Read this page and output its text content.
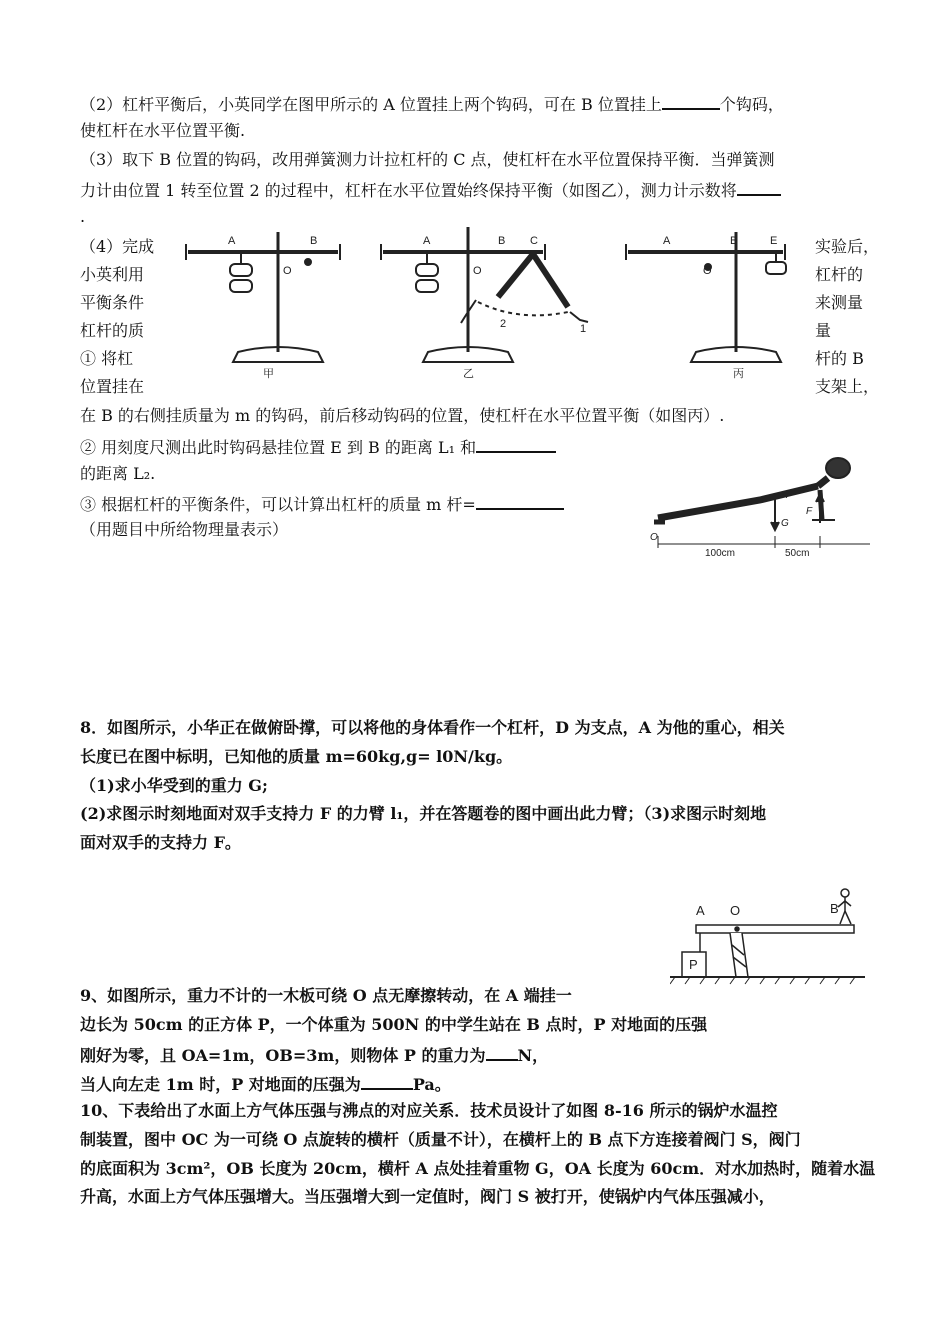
（2）杠杆平衡后，小英同学在图甲所示的 A 位置挂上两个钩码，可在 B 位置挂上	个钩码，
使杠杆在水平位置平衡.
（3）取下 B 位置的钩码，改用弹簧测力计拉杠杆的 C 点，使杠杆在水平位置保持平衡．当弹簧测
力计由位置 1 转至位置 2 的过程中，杠杆在水平位置始终保持平衡（如图乙），测力计示数将
.
（4）完成
小英利用
平衡条件
杠杆的质
① 将杠
位置挂在
实验后，
杠杆的
来测量
量
杆的 B
支架上，
A	B
O
甲
A	B C
O
2	1
乙
A	B	E
O
丙
在 B 的右侧挂质量为 m 的钩码，前后移动钩码的位置，使杠杆在水平位置平衡（如图丙）.
② 用刻度尺测出此时钩码悬挂位置 E 到 B 的距离 L₁ 和
的距离 L₂.
③ 根据杠杆的平衡条件，可以计算出杠杆的质量 m 杆=
（用题目中所给物理量表示）
A
G
F
O
100cm	50cm
8．如图所示，小华正在做俯卧撑，可以将他的身体看作一个杠杆，D 为支点，A 为他的重心，相关
长度已在图中标明，已知他的质量 m=60kg,g= l0N/kg。
（1)求小华受到的重力 G;
(2)求图示时刻地面对双手支持力 F 的力臂 l₁，并在答题卷的图中画出此力臂；（3)求图示时刻地
面对双手的支持力 F。
A O	B
P
9、如图所示，重力不计的一木板可绕 O 点无摩擦转动，在 A 端挂一
边长为 50cm 的正方体 P，一个体重为 500N 的中学生站在 B 点时，P 对地面的压强
刚好为零，且 OA=1m，OB=3m，则物体 P 的重力为 N，
当人向左走 1m 时，P 对地面的压强为	Pa。
10、下表给出了水面上方气体压强与沸点的对应关系．技术员设计了如图 8-16 所示的锅炉水温控
制装置，图中 OC 为一可绕 O 点旋转的横杆（质量不计），在横杆上的 B 点下方连接着阀门 S，阀门
的底面积为 3cm²，OB 长度为 20cm，横杆 A 点处挂着重物 G，OA 长度为 60cm．对水加热时，随着水温
升高，水面上方气体压强增大。当压强增大到一定值时，阀门 S 被打开，使锅炉内气体压强减小，
